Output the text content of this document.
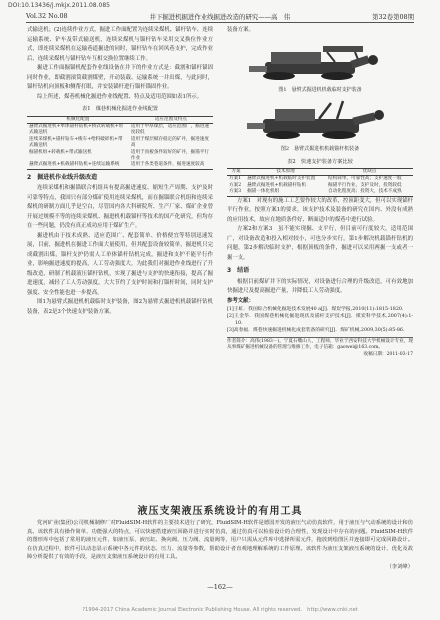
DOI:10.13436/j.mkjx.2011.08.085
Vol.32 No.08	井下掘进机掘进作业线掘进改造的研究——高　伟	第32卷第08期

式输送机；(2)连续作业方式，掘进工作面配置为连续采煤机、锚杆钻车、连续运输系统、铲车及带式输送机，连续采煤机与锚杆钻车采用交叉换位作业方式，即连续采煤机在运输巷道掘进的同时，锚杆钻车在回风巷支护，完成作业后，连续采煤机与锚杆钻车互相交换位置继续工作。

掘进工作面掘锚机配套作业线设备在井下的作业方式是：截割和锚杆锚固同时作业，即截割滚筒截割煤壁，开动装载、运输系统一并出煤，与此同时，锚杆钻机向顶板和侧帮打眼，并安装锚杆进行锚杆锚固作业。

综上所述，煤巷机械化掘进作业线配置、特点及适用范围如表1所示。

表1　煤巷机械化掘进作业线配置
机械化配置	适应范围及特点
悬臂式掘进机+单体锚杆钻机+桥式转载机+带式输送机	适用于中厚煤层，适应范围广，掘进速度较低
连续采煤机+锚杆钻车+梭车+给料破碎机+带式输送机	适用于煤层赋存稳定的矿井，掘进速度高
掘锚机组+转载机+带式输送机	适用于顶板条件较好的矿井，掘锚平行作业
悬臂式掘进机+机载锚杆钻机+连续运输系统	适用于各类巷道条件，掘进速度较高
2　掘进机作业线升级改造

连续采煤机和掘锚联合机组具有提高掘进速度、缩短生产周期、支护及时可靠等特点，我国只有部分煤矿使用连续采煤机，而在掘锚联合机组和连续采煤机的研制方面几乎是空白，尽管国内各大科研院所、生产厂家、煤矿企业曾开展过规模不等的连续采煤机、掘进机机载锚杆等技术的国产化研究，但均存在一些问题，仍没有真正成功应用于煤矿生产。

掘进机由于技术成熟、适应范围广、配套简单、价格便宜等特别迅速发展，目前，掘进机在掘进工作面大量使用，但其配套设备较简单，掘进机只完成截割出煤，锚杆支护仍需人工单体锚杆钻机完成，掘进和支护不能平行作业，影响掘进速度的提高，人工劳动强度大。为此我们对掘进作业线进行了升级改造，研制了机载液压锚杆钻机，实现了掘进与支护的快速衔接，提高了掘进速度，减轻了工人劳动强度，大大节约了支护时间和打锚杆时间，同时支护强度、安全性能也进一步提高。

图1为悬臂式掘进机机载临时支护装备，图2为悬臂式掘进机机载锚杆钻机装备，表2是3个快速支护装备方案。

装备方案。

图1　悬臂式掘进机机载临时支护装备
图2　悬臂式掘进机机载锚杆机装备
表2　快速支护装备方案比较
方案	技术原理	优缺点
方案1	悬臂式掘进机+机载临时支护装置	结构简单，可靠性高；支护速度一般
方案2	悬臂式掘进机+机载锚杆钻机	掘锚平行作业，支护及时，投资较低
方案3	掘锚一体化机组	自动化程度高；投资大，技术不成熟

方案1　对现有的施工工艺要作较大的改革，控顶距变大，但可以实现锚杆平行作业，按照方案1的要求，该支护技术及装备的研究在国内、外没有成熟的应用技术，故应在地质条件好、断面适中的煤巷中进行试验。

方案2和方案3　虽不能实现掘、支平行，但目前可行度较大，适用范围广，对设备改造和投入相对较小，可也分步实行，第1步解决机载锚杆钻机的问题，第2步解决临时支护，根据顶板的条件，掘进可以采用两掘一支或者一掘一支。

3　结语

根据目前煤矿井下的实际情况，对设备进行合理的升级改造，可有效地加快掘进尺及提高掘进产量，并降低工人劳动强度。

参考文献：
[1]王虹．我国综合机械化掘进技术发展40 a[J]．煤炭学报,2010(11):1815-1820.
[2]王金华．我国煤巷机械化掘进现状及锚杆支护技术[J]．煤炭科学技术,2007(4):1-10.
[3]高春福．煤巷快速掘进机械化成套装备的研究[J]．煤矿机械,2009,30(5):85-86.
作者简介：高伟(1983－)，宁夏石嘴山人，工程师，毕业于西安科技大学机械设计专业，现从事煤矿掘进机械设备的管理与维修工作，电子信箱：gaowei@163.com。
收稿日期：2011-03-17
液压支架液压系统设计的有用工具

党河矿业(集团)公司机械制修厂对FluidSIM-H软件的主要技术进行了研究，FluidSIM-H软件是德国开发的液压气动仿真软件，用于液压与气动系统的设计和仿真。该软件具有操作简单、功能强大的特点，可以快速搭建液压回路并进行实时仿真，通过仿真可以检验设计的合理性，发现设计中存在的问题。FluidSIM-H软件的图形库中包括了常用的液压元件，如液压泵、液压缸、换向阀、压力阀、流量阀等，用户只需从元件库中选择所需元件，拖放到绘图区并连接即可完成回路设计。在仿真过程中，软件可以动态显示系统中各元件的状态、压力、流量等参数，帮助设计者直观地理解系统的工作原理。该软件为液压支架液压系统的设计、优化及故障分析提供了有效的手段，是液压支架液压系统设计的有用工具。

（李刘峰）
—162—
?1994-2017 China Academic Journal Electronic Publishing House. All rights reserved.　http://www.cnki.net
